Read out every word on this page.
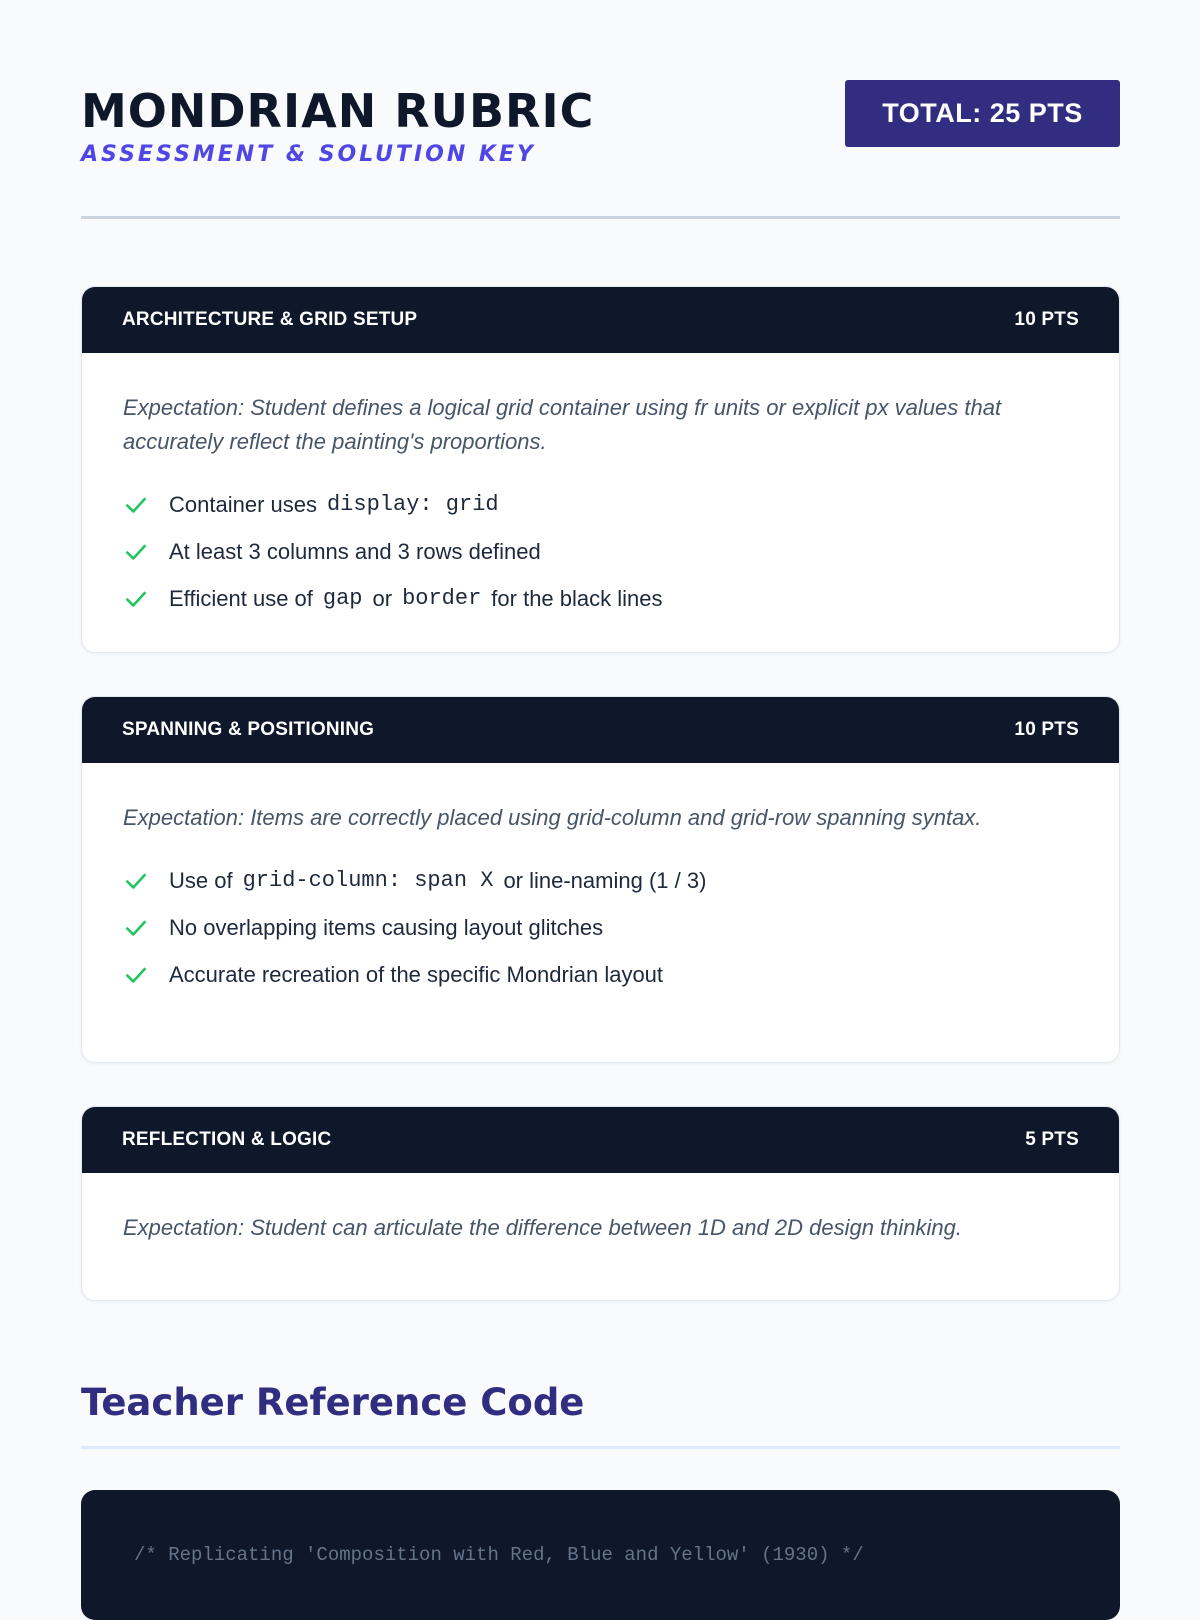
MONDRIAN RUBRIC
ASSESSMENT & SOLUTION KEY
TOTAL: 25 PTS
ARCHITECTURE & GRID SETUP	10 PTS

Expectation: Student defines a logical grid container using fr units or explicit px values that accurately reflect the painting's proportions.

Container uses display: grid
At least 3 columns and 3 rows defined
Efficient use of gap or border for the black lines
SPANNING & POSITIONING	10 PTS

Expectation: Items are correctly placed using grid-column and grid-row spanning syntax.

Use of grid-column: span X or line-naming (1 / 3)
No overlapping items causing layout glitches
Accurate recreation of the specific Mondrian layout
REFLECTION & LOGIC	5 PTS

Expectation: Student can articulate the difference between 1D and 2D design thinking.

Teacher Reference Code
/* Replicating 'Composition with Red, Blue and Yellow' (1930) */
